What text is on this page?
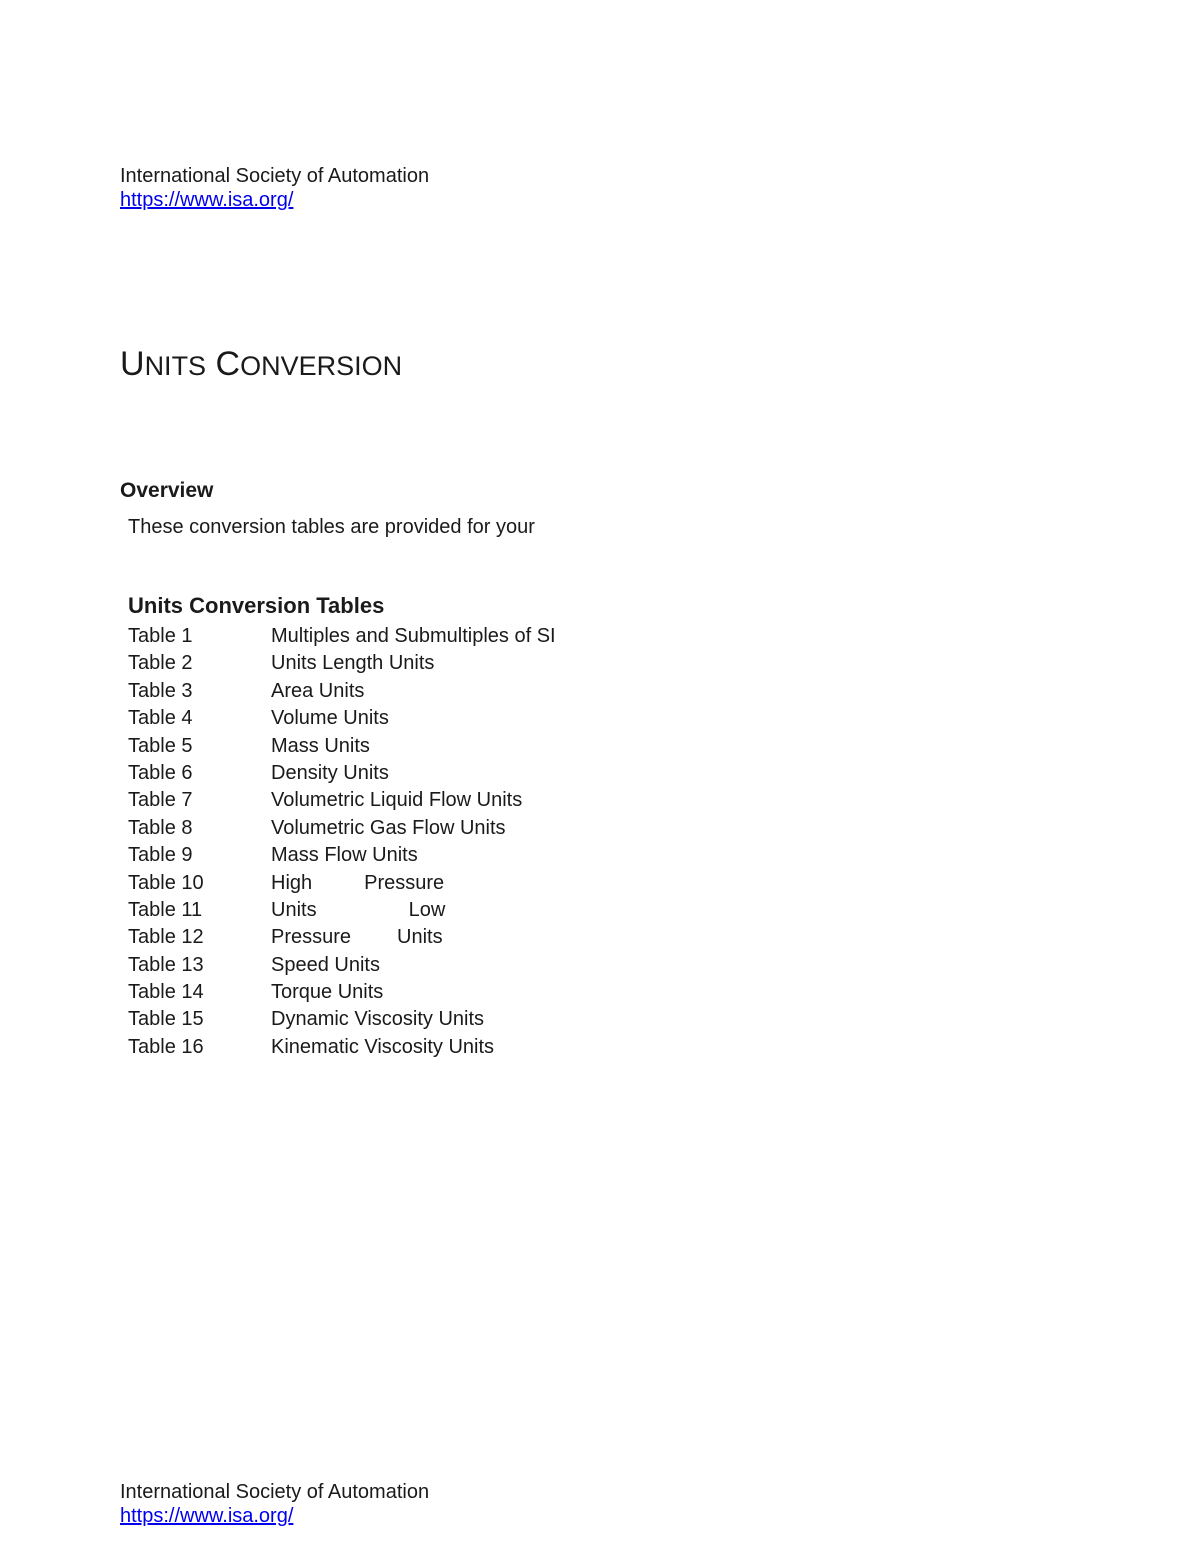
International Society of Automation
https://www.isa.org/
UNITS CONVERSION
Overview
These conversion tables are provided for your
Units Conversion Tables
Table 1	Multiples and Submultiples of SI
Table 2	Units Length Units
Table 3	Area Units
Table 4	Volume Units
Table 5	Mass Units
Table 6	Density Units
Table 7	Volumetric Liquid Flow Units
Table 8	Volumetric Gas Flow Units
Table 9	Mass Flow Units
Table 10	High	Pressure
Table 11	Units	Low
Table 12	Pressure Units
Table 13	Speed Units
Table 14	Torque Units
Table 15	Dynamic Viscosity Units
Table 16	Kinematic Viscosity Units
International Society of Automation
https://www.isa.org/
